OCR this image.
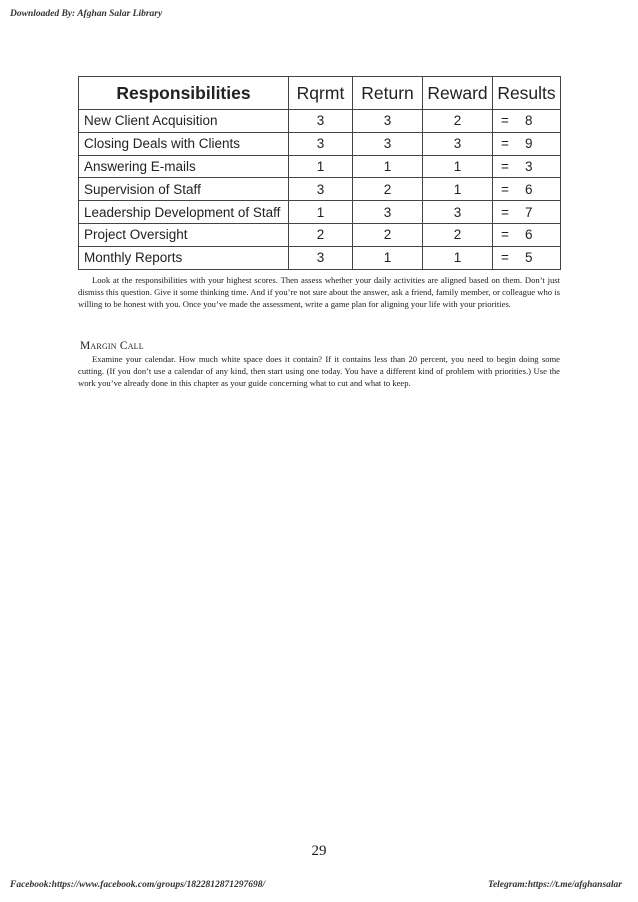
Downloaded By: Afghan Salar Library
Responsibilities	Rqrmt	Return	Reward	Results
New Client Acquisition	3	3	2	= 8
Closing Deals with Clients	3	3	3	= 9
Answering E-mails	1	1	1	= 3
Supervision of Staff	3	2	1	= 6
Leadership Development of Staff	1	3	3	= 7
Project Oversight	2	2	2	= 6
Monthly Reports	3	1	1	= 5

Look at the responsibilities with your highest scores. Then assess whether your daily activities are aligned based on them. Don’t just dismiss this question. Give it some thinking time. And if you’re not sure about the answer, ask a friend, family member, or colleague who is willing to be honest with you. Once you’ve made the assessment, write a game plan for aligning your life with your priorities.

Margin Call

Examine your calendar. How much white space does it contain? If it contains less than 20 percent, you need to begin doing some cutting. (If you don’t use a calendar of any kind, then start using one today. You have a different kind of problem with priorities.) Use the work you’ve already done in this chapter as your guide concerning what to cut and what to keep.

29
Facebook:https://www.facebook.com/groups/1822812871297698/	Telegram:https://t.me/afghansalar
